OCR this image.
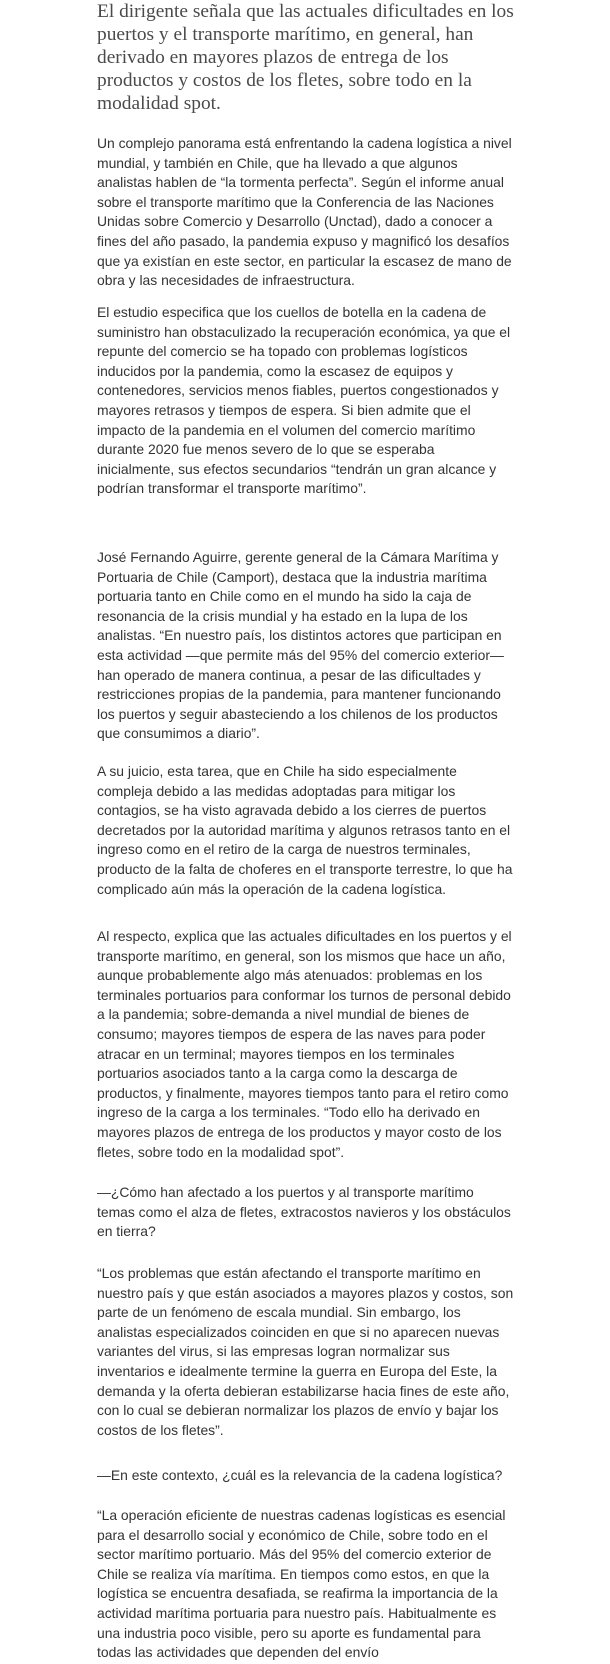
El dirigente señala que las actuales dificultades en los puertos y el transporte marítimo, en general, han derivado en mayores plazos de entrega de los productos y costos de los fletes, sobre todo en la modalidad spot.

Un complejo panorama está enfrentando la cadena logística a nivel mundial, y también en Chile, que ha llevado a que algunos analistas hablen de “la tormenta perfecta”. Según el informe anual sobre el transporte marítimo que la Conferencia de las Naciones Unidas sobre Comercio y Desarrollo (Unctad), dado a conocer a fines del año pasado, la pandemia expuso y magnificó los desafíos que ya existían en este sector, en particular la escasez de mano de obra y las necesidades de infraestructura.

El estudio especifica que los cuellos de botella en la cadena de suministro han obstaculizado la recuperación económica, ya que el repunte del comercio se ha topado con problemas logísticos inducidos por la pandemia, como la escasez de equipos y contenedores, servicios menos fiables, puertos congestionados y mayores retrasos y tiempos de espera. Si bien admite que el impacto de la pandemia en el volumen del comercio marítimo durante 2020 fue menos severo de lo que se esperaba inicialmente, sus efectos secundarios “tendrán un gran alcance y podrían transformar el transporte marítimo”.

José Fernando Aguirre, gerente general de la Cámara Marítima y Portuaria de Chile (Camport), destaca que la industria marítima portuaria tanto en Chile como en el mundo ha sido la caja de resonancia de la crisis mundial y ha estado en la lupa de los analistas. “En nuestro país, los distintos actores que participan en esta actividad —que permite más del 95% del comercio exterior— han operado de manera continua, a pesar de las dificultades y restricciones propias de la pandemia, para mantener funcionando los puertos y seguir abasteciendo a los chilenos de los productos que consumimos a diario”.

A su juicio, esta tarea, que en Chile ha sido especialmente compleja debido a las medidas adoptadas para mitigar los contagios, se ha visto agravada debido a los cierres de puertos decretados por la autoridad marítima y algunos retrasos tanto en el ingreso como en el retiro de la carga de nuestros terminales, producto de la falta de choferes en el transporte terrestre, lo que ha complicado aún más la operación de la cadena logística.

Al respecto, explica que las actuales dificultades en los puertos y el transporte marítimo, en general, son los mismos que hace un año, aunque probablemente algo más atenuados: problemas en los terminales portuarios para conformar los turnos de personal debido a la pandemia; sobre-demanda a nivel mundial de bienes de consumo; mayores tiempos de espera de las naves para poder atracar en un terminal; mayores tiempos en los terminales portuarios asociados tanto a la carga como la descarga de productos, y finalmente, mayores tiempos tanto para el retiro como ingreso de la carga a los terminales. “Todo ello ha derivado en mayores plazos de entrega de los productos y mayor costo de los fletes, sobre todo en la modalidad spot”.

—¿Cómo han afectado a los puertos y al transporte marítimo temas como el alza de fletes, extracostos navieros y los obstáculos en tierra?

“Los problemas que están afectando el transporte marítimo en nuestro país y que están asociados a mayores plazos y costos, son parte de un fenómeno de escala mundial. Sin embargo, los analistas especializados coinciden en que si no aparecen nuevas variantes del virus, si las empresas logran normalizar sus inventarios e idealmente termine la guerra en Europa del Este, la demanda y la oferta debieran estabilizarse hacia fines de este año, con lo cual se debieran normalizar los plazos de envío y bajar los costos de los fletes”.

—En este contexto, ¿cuál es la relevancia de la cadena logística?

“La operación eficiente de nuestras cadenas logísticas es esencial para el desarrollo social y económico de Chile, sobre todo en el sector marítimo portuario. Más del 95% del comercio exterior de Chile se realiza vía marítima. En tiempos como estos, en que la logística se encuentra desafiada, se reafirma la importancia de la actividad marítima portuaria para nuestro país. Habitualmente es una industria poco visible, pero su aporte es fundamental para todas las actividades que dependen del envío
